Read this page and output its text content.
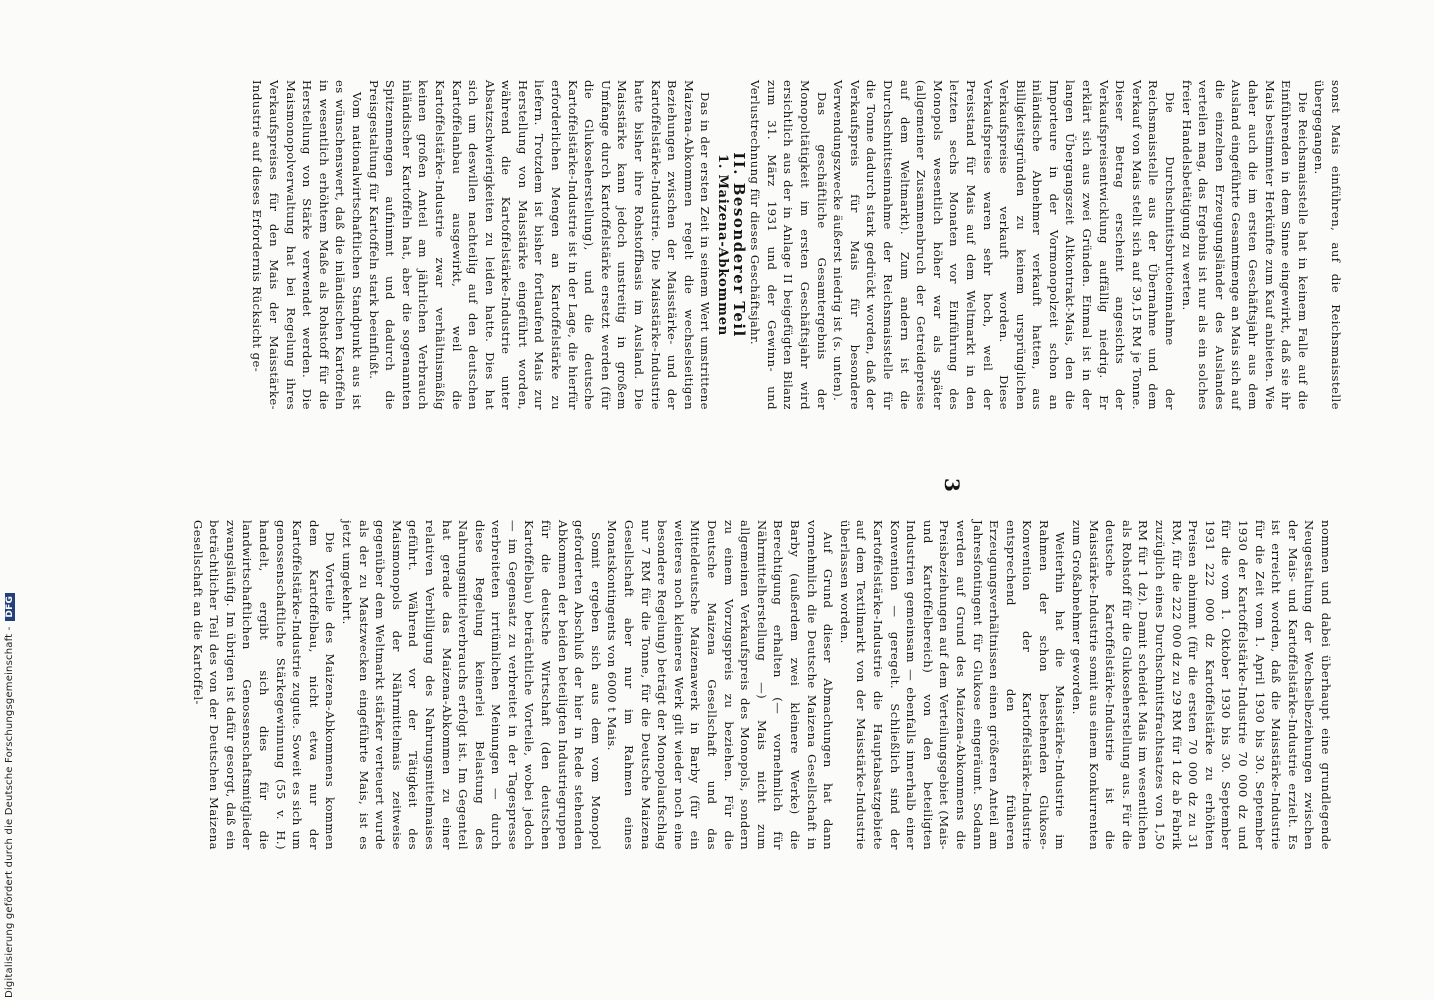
3

sonst Mais einführen, auf die Reichsmaisstelle übergegangen.

Die Reichsmaisstelle hat in keinem Falle auf die Einführenden in dem Sinne eingewirkt, daß sie ihr Mais bestimmter Herkünfte zum Kauf anbieten. Wie daher auch die im ersten Geschäftsjahr aus dem Ausland eingeführte Gesamtmenge an Mais sich auf die einzelnen Erzeugungsländer des Auslandes verteilen mag, das Ergebnis ist nur als ein solches freier Handelsbetätigung zu werten.

Die Durchschnittsbruttoeinnahme der Reichsmaisstelle aus der Übernahme und dem Verkauf von Mais stellt sich auf 39,15 RM je Tonne. Dieser Betrag erscheint angesichts der Verkaufspreisentwicklung auffällig niedrig. Er erklärt sich aus zwei Gründen. Einmal ist in der langen Übergangszeit Altkontrakt-Mais, den die Importeure in der Vormonopolzeit schon an inländische Abnehmer verkauft hatten, aus Billigkeitsgründen zu keinem ursprünglichen Verkaufspreise verkauft worden. Diese Verkaufspreise waren sehr hoch, weil der Preisstand für Mais auf dem Weltmarkt in den letzten sechs Monaten vor Einführung des Monopols wesentlich höher war als später (allgemeiner Zusammenbruch der Getreidepreise auf dem Weltmarkt). Zum andern ist die Durchschnittseinnahme der Reichsmaisstelle für die Tonne dadurch stark gedrückt worden, daß der Verkaufspreis für Mais für besondere Verwendungszwecke äußerst niedrig ist (s. unten).

Das geschäftliche Gesamtergebnis der Monopoltätigkeit im ersten Geschäftsjahr wird ersichtlich aus der in Anlage II beigefügten Bilanz zum 31. März 1931 und der Gewinn- und Verlustrechnung für dieses Geschäftsjahr.

II. Besonderer Teil

1. Maizena-Abkommen

Das in der ersten Zeit in seinem Wert umstrittene Maizena-Abkommen regelt die wechselseitigen Beziehungen zwischen der Maisstärke- und der Kartoffelstärke-Industrie. Die Maisstärke-Industrie hatte bisher ihre Rohstoffbasis im Ausland. Die Maisstärke kann jedoch unstreitig in großem Umfange durch Kartoffelstärke ersetzt werden (für die Glukoseherstellung), und die deutsche Kartoffelstärke-Industrie ist in der Lage, die hierfür erforderlichen Mengen an Kartoffelstärke zu liefern. Trotzdem ist bisher fortlaufend Mais zur Herstellung von Maisstärke eingeführt worden, während die Kartoffelstärke-Industrie unter Absatzschwierigkeiten zu leiden hatte. Dies hat sich um deswillen nachteilig auf den deutschen Kartoffelanbau ausgewirkt, weil die Kartoffelstärke-Industrie zwar verhältnismäßig keinen großen Anteil am jährlichen Verbrauch inländischer Kartoffeln hat, aber die sogenannten Spitzenmengen aufnimmt und dadurch die Preisgestaltung für Kartoffeln stark beeinflußt.

Vom nationalwirtschaftlichen Standpunkt aus ist es wünschenswert, daß die inländischen Kartoffeln in wesentlich erhöhtem Maße als Rohstoff für die Herstellung von Stärke verwendet werden. Die Maismonopolverwaltung hat bei Regelung ihres Verkaufspreises für den Mais der Maisstärke-Industrie auf dieses Erfordernis Rücksicht ge-

nommen und dabei überhaupt eine grundlegende Neugestaltung der Wechselbeziehungen zwischen der Mais- und Kartoffelstärke-Industrie erzielt. Es ist erreicht worden, daß die Maisstärke-Industrie für die Zeit vom 1. April 1930 bis 30. September 1930 der Kartoffelstärke-Industrie 70 000 dz und für die vom 1. Oktober 1930 bis 30. September 1931 222 000 dz Kartoffelstärke zu erhöhten Preisen abnimmt (für die ersten 70 000 dz zu 31 RM, für die 222 000 dz zu 29 RM für 1 dz ab Fabrik zuzüglich eines Durchschnittsfrachtsatzes von 1,50 RM für 1 dz). Damit scheidet Mais im wesentlichen als Rohstoff für die Glukoseherstellung aus. Für die deutsche Kartoffelstärke-Industrie ist die Maisstärke-Industrie somit aus einem Konkurrenten zum Großabnehmer geworden.

Weiterhin hat die Maisstärke-Industrie im Rahmen der schon bestehenden Glukose-Konvention der Kartoffelstärke-Industrie entsprechend den früheren Erzeugungsverhältnissen einen größeren Anteil am Jahresfontingent für Glukose eingeräumt. Sodann werden auf Grund des Maizena-Abkommens die Preisbeziehungen auf dem Verteilungsgebiet (Mais- und Kartoffelbereich) von den beteiligten Industrien gemeinsam — ebenfalls innerhalb einer Konvention — geregelt. Schließlich sind der Kartoffelstärke-Industrie die Hauptabsatzgebiete auf dem Textilmarkt von der Maisstärke-Industrie überlassen worden.

Auf Grund dieser Abmachungen hat dann vornehmlich die Deutsche Maizena Gesellschaft in Barby (außerdem zwei kleinere Werke) die Berechtigung erhalten (— vornehmlich für Nährmittelherstellung —) Mais nicht zum allgemeinen Verkaufspreis des Monopols, sondern zu einem Vorzugspreis zu beziehen. Für die Deutsche Maizena Gesellschaft und das Mitteldeutsche Maizenawerk in Barby (für ein weiteres noch kleineres Werk gilt wieder noch eine besondere Regelung) beträgt der Monopolaufschlag nur 7 RM für die Tonne, für die Deutsche Maizena Gesellschaft aber nur im Rahmen eines Monatskontingents von 6000 t Mais.

Somit ergeben sich aus dem vom Monopol geforderten Abschluß der hier in Rede stehenden Abkommen der beiden beteiligten Industriegruppen für die deutsche Wirtschaft (den deutschen Kartoffelbau) beträchtliche Vorteile, wobei jedoch — im Gegensatz zu verbreitet in der Tagespresse verbreiteten irrtümlichen Meinungen — durch diese Regelung keinerlei Belastung des Nahrungsmittelverbrauchs erfolgt ist. Im Gegenteil hat gerade das Maizena-Abkommen zu einer relativen Verbilligung des Nahrungsmittelmaises geführt. Während vor der Tätigkeit des Maismonopols der Nährmittelmais zeitweise gegenüber dem Weltmarkt stärker verteuert wurde als der zu Mastzwecken eingeführte Mais, ist es jetzt umgekehrt.

Die Vorteile des Maizena-Abkommens kommen dem Kartoffelbau, nicht etwa nur der Kartoffelstärke-Industrie zugute. Soweit es sich um genossenschaftliche Stärkegewinnung (55 v. H.) handelt, ergibt sich dies für die landwirtschaftlichen Genossenschaftsmitglieder zwangsläufig. Im übrigen ist dafür gesorgt, daß ein beträchtlicher Teil des von der Deutschen Maizena Gesellschaft an die Kartoffel-

Digitalisierung gefördert durch die Deutsche Forschungsgemeinschaft -DFG
